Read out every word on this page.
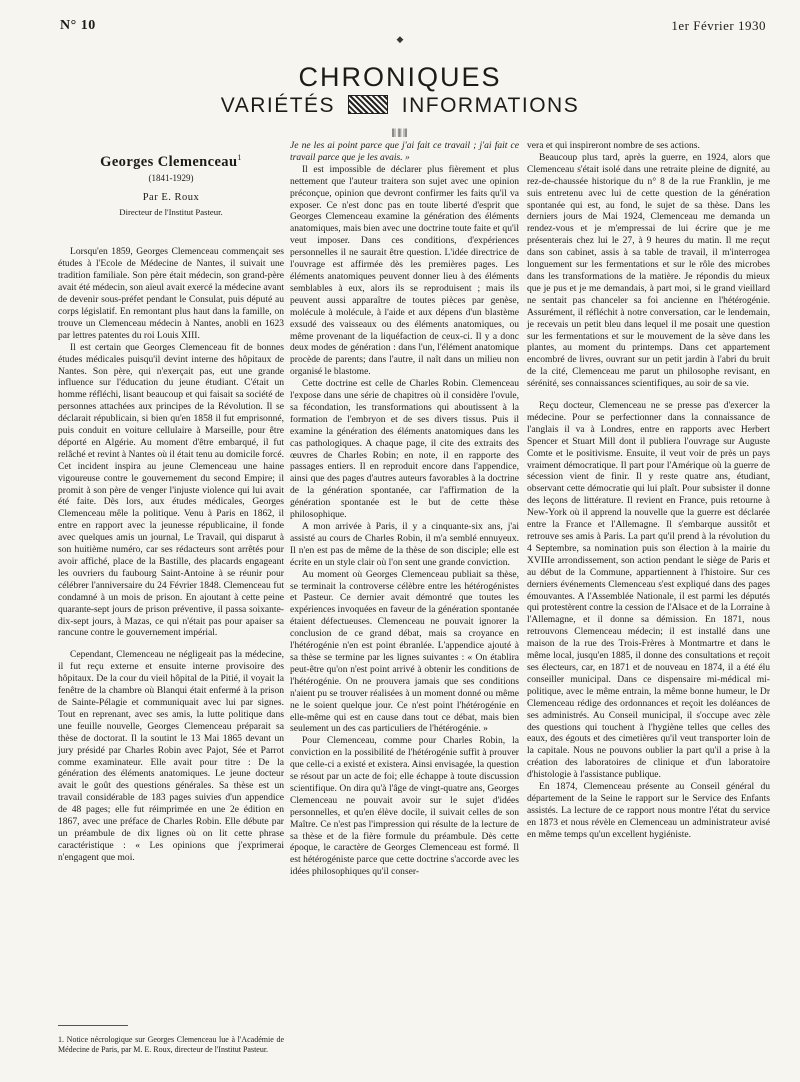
N° 10	1er Février 1930
◆
CHRONIQUES
VARIÉTÉS	INFORMATIONS
⦀⦀⦀
Georges Clemenceau$^1$
(1841-1929)
Par E. Roux
Directeur de l'Institut Pasteur.

Lorsqu'en 1859, Georges Clemenceau commençait ses études à l'Ecole de Médecine de Nantes, il suivait une tradition familiale. Son père était médecin, son grand-père avait été médecin, son aïeul avait exercé la médecine avant de devenir sous-préfet pendant le Consulat, puis député au corps législatif. En remontant plus haut dans la famille, on trouve un Clemenceau médecin à Nantes, anobli en 1623 par lettres patentes du roi Louis XIII.

Il est certain que Georges Clemenceau fit de bonnes études médicales puisqu'il devint interne des hôpitaux de Nantes. Son père, qui n'exerçait pas, eut une grande influence sur l'éducation du jeune étudiant. C'était un homme réfléchi, lisant beaucoup et qui faisait sa société de personnes attachées aux principes de la Révolution. Il se déclarait républicain, si bien qu'en 1858 il fut emprisonné, puis conduit en voiture cellulaire à Marseille, pour être déporté en Algérie. Au moment d'être embarqué, il fut relâché et revint à Nantes où il était tenu au domicile forcé. Cet incident inspira au jeune Clemenceau une haine vigoureuse contre le gouvernement du second Empire; il promit à son père de venger l'injuste violence qui lui avait été faite. Dès lors, aux études médicales, Georges Clemenceau mêle la politique. Venu à Paris en 1862, il entre en rapport avec la jeunesse républicaine, il fonde avec quelques amis un journal, Le Travail, qui disparut à son huitième numéro, car ses rédacteurs sont arrêtés pour avoir affiché, place de la Bastille, des placards engageant les ouvriers du faubourg Saint-Antoine à se réunir pour célébrer l'anniversaire du 24 Février 1848. Clemenceau fut condamné à un mois de prison. En ajoutant à cette peine quarante-sept jours de prison préventive, il passa soixante-dix-sept jours, à Mazas, ce qui n'était pas pour apaiser sa rancune contre le gouvernement impérial.

Cependant, Clemenceau ne négligeait pas la médecine, il fut reçu externe et ensuite interne provisoire des hôpitaux. De la cour du vieil hôpital de la Pitié, il voyait la fenêtre de la chambre où Blanqui était enfermé à la prison de Sainte-Pélagie et communiquait avec lui par signes. Tout en reprenant, avec ses amis, la lutte politique dans une feuille nouvelle, Georges Clemenceau préparait sa thèse de doctorat. Il la soutint le 13 Mai 1865 devant un jury présidé par Charles Robin avec Pajot, Sée et Parrot comme examinateur. Elle avait pour titre : De la génération des éléments anatomiques. Le jeune docteur avait le goût des questions générales. Sa thèse est un travail considérable de 183 pages suivies d'un appendice de 48 pages; elle fut réimprimée en une 2e édition en 1867, avec une préface de Charles Robin. Elle débute par un préambule de dix lignes où on lit cette phrase caractéristique : « Les opinions que j'exprimerai n'engagent que moi.

1. Notice nécrologique sur Georges Clemenceau lue à l'Académie de Médecine de Paris, par M. E. Roux, directeur de l'Institut Pasteur.

Je ne les ai point parce que j'ai fait ce travail ; j'ai fait ce travail parce que je les avais. »

Il est impossible de déclarer plus fièrement et plus nettement que l'auteur traitera son sujet avec une opinion préconçue, opinion que devront confirmer les faits qu'il va exposer. Ce n'est donc pas en toute liberté d'esprit que Georges Clemenceau examine la génération des éléments anatomiques, mais bien avec une doctrine toute faite et qu'il veut imposer. Dans ces conditions, d'expériences personnelles il ne saurait être question. L'idée directrice de l'ouvrage est affirmée dès les premières pages. Les éléments anatomiques peuvent donner lieu à des éléments semblables à eux, alors ils se reproduisent ; mais ils peuvent aussi apparaître de toutes pièces par genèse, molécule à molécule, à l'aide et aux dépens d'un blastème exsudé des vaisseaux ou des éléments anatomiques, ou même provenant de la liquéfaction de ceux-ci. Il y a donc deux modes de génération : dans l'un, l'élément anatomique procède de parents; dans l'autre, il naît dans un milieu non organisé le blastome.

Cette doctrine est celle de Charles Robin. Clemenceau l'expose dans une série de chapitres où il considère l'ovule, sa fécondation, les transformations qui aboutissent à la formation de l'embryon et de ses divers tissus. Puis il examine la génération des éléments anatomiques dans les cas pathologiques. A chaque page, il cite des extraits des œuvres de Charles Robin; en note, il en rapporte des passages entiers. Il en reproduit encore dans l'appendice, ainsi que des pages d'autres auteurs favorables à la doctrine de la génération spontanée, car l'affirmation de la génération spontanée est le but de cette thèse philosophique.

A mon arrivée à Paris, il y a cinquante-six ans, j'ai assisté au cours de Charles Robin, il m'a semblé ennuyeux. Il n'en est pas de même de la thèse de son disciple; elle est écrite en un style clair où l'on sent une grande conviction.

Au moment où Georges Clemenceau publiait sa thèse, se terminait la controverse célèbre entre les hétérogénistes et Pasteur. Ce dernier avait démontré que toutes les expériences invoquées en faveur de la génération spontanée étaient défectueuses. Clemenceau ne pouvait ignorer la conclusion de ce grand débat, mais sa croyance en l'hétérogénie n'en est point ébranlée. L'appendice ajouté à sa thèse se termine par les lignes suivantes : « On établira peut-être qu'on n'est point arrivé à obtenir les conditions de l'hétérogénie. On ne prouvera jamais que ses conditions n'aient pu se trouver réalisées à un moment donné ou même ne le soient quelque jour. Ce n'est point l'hétérogénie en elle-même qui est en cause dans tout ce débat, mais bien seulement un des cas particuliers de l'hétérogénie. »

Pour Clemenceau, comme pour Charles Robin, la conviction en la possibilité de l'hétérogénie suffit à prouver que celle-ci a existé et existera. Ainsi envisagée, la question se résout par un acte de foi; elle échappe à toute discussion scientifique. On dira qu'à l'âge de vingt-quatre ans, Georges Clemenceau ne pouvait avoir sur le sujet d'idées personnelles, et qu'en élève docile, il suivait celles de son Maître. Ce n'est pas l'impression qui résulte de la lecture de sa thèse et de la fière formule du préambule. Dès cette époque, le caractère de Georges Clemenceau est formé. Il est hétérogéniste parce que cette doctrine s'accorde avec les idées philosophiques qu'il conser-

vera et qui inspireront nombre de ses actions.

Beaucoup plus tard, après la guerre, en 1924, alors que Clemenceau s'était isolé dans une retraite pleine de dignité, au rez-de-chaussée historique du n° 8 de la rue Franklin, je me suis entretenu avec lui de cette question de la génération spontanée qui est, au fond, le sujet de sa thèse. Dans les derniers jours de Mai 1924, Clemenceau me demanda un rendez-vous et je m'empressai de lui écrire que je me présenterais chez lui le 27, à 9 heures du matin. Il me reçut dans son cabinet, assis à sa table de travail, il m'interrogea longuement sur les fermentations et sur le rôle des microbes dans les transformations de la matière. Je répondis du mieux que je pus et je me demandais, à part moi, si le grand vieillard ne sentait pas chanceler sa foi ancienne en l'hétérogénie. Assurément, il réfléchit à notre conversation, car le lendemain, je recevais un petit bleu dans lequel il me posait une question sur les fermentations et sur le mouvement de la sève dans les plantes, au moment du printemps. Dans cet appartement encombré de livres, ouvrant sur un petit jardin à l'abri du bruit de la cité, Clemenceau me parut un philosophe revisant, en sérénité, ses connaissances scientifiques, au soir de sa vie.

Reçu docteur, Clemenceau ne se presse pas d'exercer la médecine. Pour se perfectionner dans la connaissance de l'anglais il va à Londres, entre en rapports avec Herbert Spencer et Stuart Mill dont il publiera l'ouvrage sur Auguste Comte et le positivisme. Ensuite, il veut voir de près un pays vraiment démocratique. Il part pour l'Amérique où la guerre de sécession vient de finir. Il y reste quatre ans, étudiant, observant cette démocratie qui lui plaît. Pour subsister il donne des leçons de littérature. Il revient en France, puis retourne à New-York où il apprend la nouvelle que la guerre est déclarée entre la France et l'Allemagne. Il s'embarque aussitôt et retrouve ses amis à Paris. La part qu'il prend à la révolution du 4 Septembre, sa nomination puis son élection à la mairie du XVIIIe arrondissement, son action pendant le siège de Paris et au début de la Commune, appartiennent à l'histoire. Sur ces derniers événements Clemenceau s'est expliqué dans des pages émouvantes. A l'Assemblée Nationale, il est parmi les députés qui protestèrent contre la cession de l'Alsace et de la Lorraine à l'Allemagne, et il donne sa démission. En 1871, nous retrouvons Clemenceau médecin; il est installé dans une maison de la rue des Trois-Frères à Montmartre et dans le même local, jusqu'en 1885, il donne des consultations et reçoit ses électeurs, car, en 1871 et de nouveau en 1874, il a été élu conseiller municipal. Dans ce dispensaire mi-médical mi-politique, avec le même entrain, la même bonne humeur, le Dr Clemenceau rédige des ordonnances et reçoit les doléances de ses administrés. Au Conseil municipal, il s'occupe avec zèle des questions qui touchent à l'hygiène telles que celles des eaux, des égouts et des cimetières qu'il veut transporter loin de la capitale. Nous ne pouvons oublier la part qu'il a prise à la création des laboratoires de clinique et d'un laboratoire d'histologie à l'assistance publique.

En 1874, Clemenceau présente au Conseil général du département de la Seine le rapport sur le Service des Enfants assistés. La lecture de ce rapport nous montre l'état du service en 1873 et nous révèle en Clemenceau un administrateur avisé en même temps qu'un excellent hygiéniste.
